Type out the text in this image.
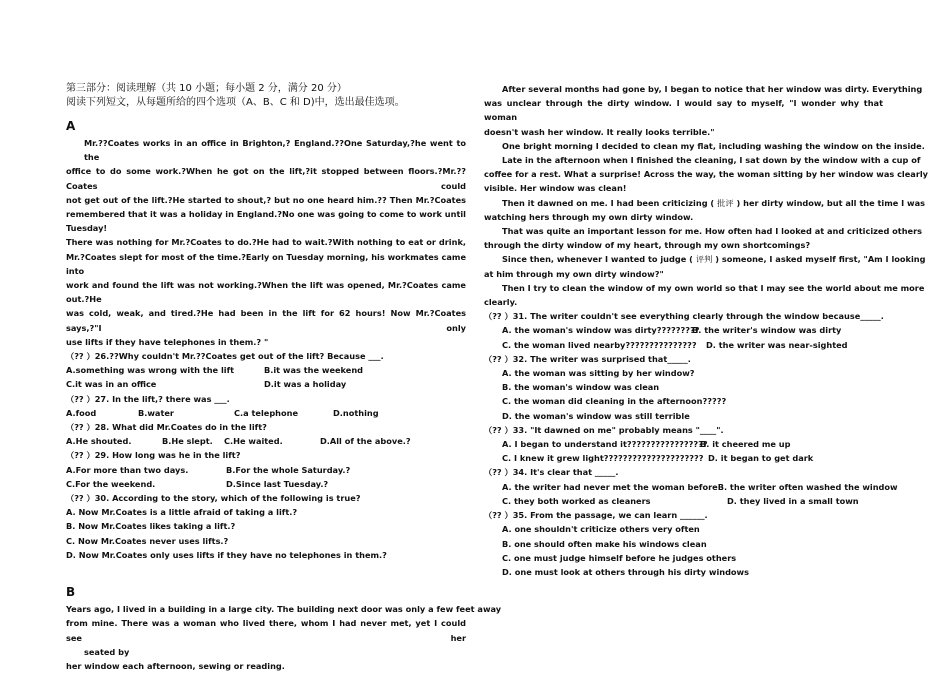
第三部分：阅读理解（共 10 小题；每小题 2 分，满分 20 分）
阅读下列短文，从每题所给的四个选项（A、B、C 和 D)中，选出最佳选项。
A
Mr.??Coates works in an office in Brighton,? England.??One Saturday,?he went to the
office to do some work.?When he got on the lift,?it stopped between floors.?Mr.?? Coates could
not get out of the lift.?He started to shout,? but no one heard him.?? Then Mr.?Coates
remembered that it was a holiday in England.?No one was going to come to work until Tuesday!
There was nothing for Mr.?Coates to do.?He had to wait.?With nothing to eat or drink,
Mr.?Coates slept for most of the time.?Early on Tuesday morning, his workmates came into
work and found the lift was not working.?When the lift was opened, Mr.?Coates came out.?He
was cold, weak, and tired.?He had been in the lift for 62 hours! Now Mr.?Coates says,?"I only
use lifts if they have telephones in them.? "
（?? ）26.??Why couldn't Mr.??Coates get out of the lift? Because ___.
A.something was wrong with the lift	B.it was the weekend
C.it was in an office	D.it was a holiday
（?? ）27. In the lift,? there was ___.
A.food	B.water	C.a telephone	D.nothing
（?? ）28. What did Mr.Coates do in the lift?
A.He shouted.	B.He slept.	C.He waited.	D.All of the above.?
（?? ）29. How long was he in the lift?
A.For more than two days.	B.For the whole Saturday.?
C.For the weekend.	D.Since last Tuesday.?
（?? ）30. According to the story, which of the following is true?
A. Now Mr.Coates is a little afraid of taking a lift.?
B. Now Mr.Coates likes taking a lift.?
C. Now Mr.Coates never uses lifts.?
D. Now Mr.Coates only uses lifts if they have no telephones in them.?
B
Years ago, I lived in a building in a large city. The building next door was only a few feet away
from mine. There was a woman who lived there, whom I had never met, yet I could see her
seated by
her window each afternoon, sewing or reading.
After several months had gone by, I began to notice that her window was dirty. Everything
was unclear through the dirty window. I would say to myself, "I wonder why that woman
doesn't wash her window. It really looks terrible."
One bright morning I decided to clean my flat, including washing the window on the inside.
Late in the afternoon when I finished the cleaning, I sat down by the window with a cup of
coffee for a rest. What a surprise! Across the way, the woman sitting by her window was clearly
visible. Her window was clean!
Then it dawned on me. I had been criticizing ( 批评 ) her dirty window, but all the time I was
watching hers through my own dirty window.
That was quite an important lesson for me. How often had I looked at and criticized others
through the dirty window of my heart, through my own shortcomings?
Since then, whenever I wanted to judge ( 评判 ) someone, I asked myself first, "Am I looking
at him through my own dirty window?"
Then I try to clean the window of my own world so that I may see the world about me more
clearly.
（?? ）31. The writer couldn't see everything clearly through the window because_____.
A. the woman's window was dirty?????????
B. the writer's window was dirty
C. the woman lived nearby???????????????	D. the writer was near-sighted
（?? ）32. The writer was surprised that_____.
A. the woman was sitting by her window?
B. the woman's window was clean
C. the woman did cleaning in the afternoon?????
D. the woman's window was still terrible
（?? ）33. "It dawned on me" probably means "____".
A. I began to understand it?????????????????
B. it cheered me up
C. I knew it grew light????????????????????? D. it began to get dark
（?? ）34. It's clear that _____.
A. the writer had never met the woman before B. the writer often washed the window
C. they both worked as cleaners	D. they lived in a small town
（?? ）35. From the passage, we can learn ______.
A. one shouldn't criticize others very often
B. one should often make his windows clean
C. one must judge himself before he judges others
D. one must look at others through his dirty windows
